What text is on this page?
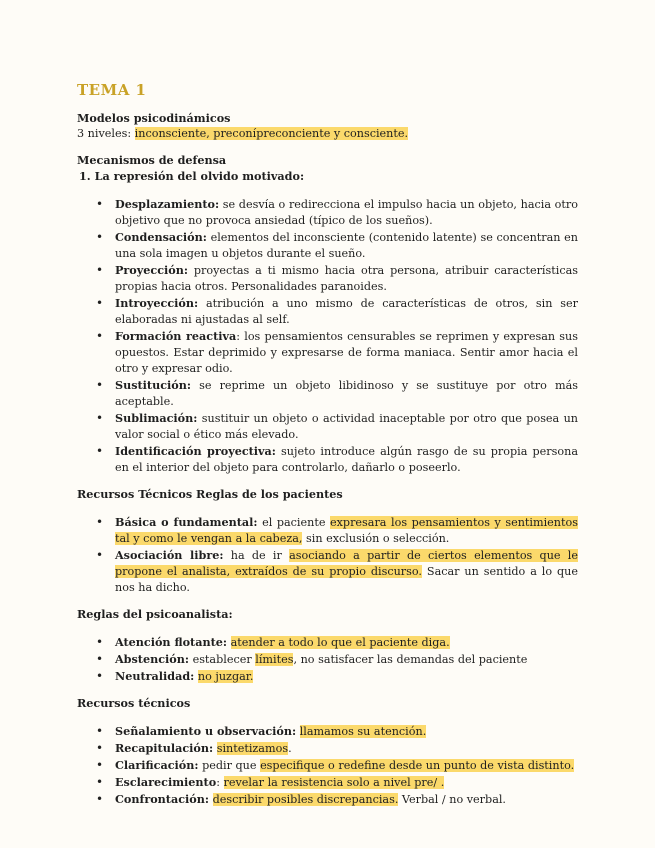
TEMA 1

Modelos psicodinámicos

3 niveles: inconsciente, preconípreconciente y consciente.

Mecanismos de defensa

1. La represión del olvido motivado:

• Desplazamiento: se desvía o redirecciona el impulso hacia un objeto, hacia otro objetivo que no provoca ansiedad (típico de los sueños).
• Condensación: elementos del inconsciente (contenido latente) se concentran en una sola imagen u objetos durante el sueño.
• Proyección: proyectas a ti mismo hacia otra persona, atribuir características propias hacia otros. Personalidades paranoides.
• Introyección: atribución a uno mismo de características de otros, sin ser elaboradas ni ajustadas al self.
• Formación reactiva: los pensamientos censurables se reprimen y expresan sus opuestos. Estar deprimido y expresarse de forma maniaca. Sentir amor hacia el otro y expresar odio.
• Sustitución: se reprime un objeto libidinoso y se sustituye por otro más aceptable.
• Sublimación: sustituir un objeto o actividad inaceptable por otro que posea un valor social o ético más elevado.
• Identificación proyectiva: sujeto introduce algún rasgo de su propia persona en el interior del objeto para controlarlo, dañarlo o poseerlo.

Recursos Técnicos Reglas de los pacientes

• Básica o fundamental: el paciente expresara los pensamientos y sentimientos tal y como le vengan a la cabeza, sin exclusión o selección.
• Asociación libre: ha de ir asociando a partir de ciertos elementos que le propone el analista, extraídos de su propio discurso. Sacar un sentido a lo que nos ha dicho.

Reglas del psicoanalista:

• Atención flotante: atender a todo lo que el paciente diga.
• Abstención: establecer límites, no satisfacer las demandas del paciente
• Neutralidad: no juzgar.

Recursos técnicos

• Señalamiento u observación: llamamos su atención.
• Recapitulación: sintetizamos.
• Clarificación: pedir que especifique o redefine desde un punto de vista distinto.
• Esclarecimiento: revelar la resistencia solo a nivel pre/ .
• Confrontación: describir posibles discrepancias. Verbal / no verbal.
